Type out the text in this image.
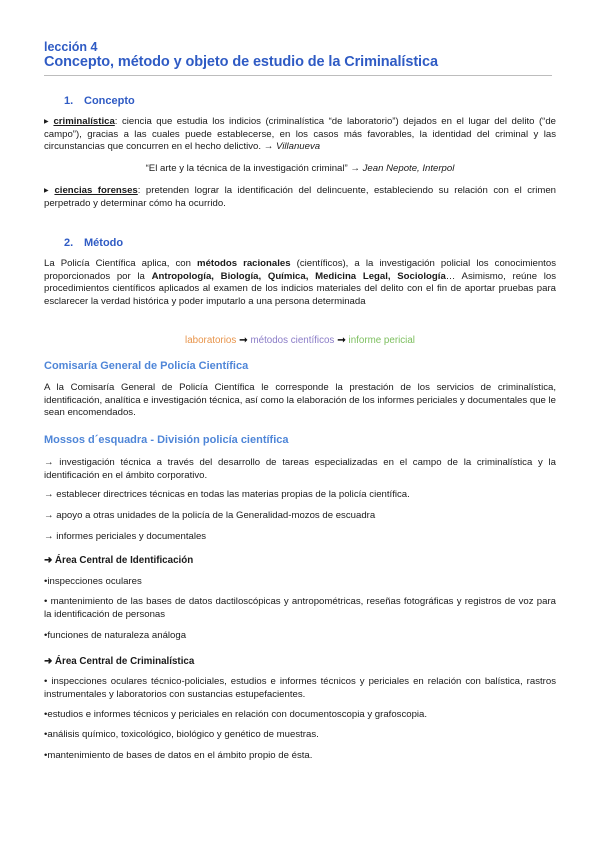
lección 4
Concepto, método y objeto de estudio de la Criminalística
1. Concepto
▶ criminalística: ciencia que estudia los indicios (criminalística “de laboratorio”) dejados en el lugar del delito (“de campo”), gracias a las cuales puede establecerse, en los casos más favorables, la identidad del criminal y las circunstancias que concurren en el hecho delictivo. → Villanueva
“El arte y la técnica de la investigación criminal” → Jean Nepote, Interpol
▶ ciencias forenses: pretenden lograr la identificación del delincuente, estableciendo su relación con el crimen perpetrado y determinar cómo ha ocurrido.
2. Método
La Policía Científica aplica, con métodos racionales (científicos), a la investigación policial los conocimientos proporcionados por la Antropología, Biología, Química, Medicina Legal, Sociología… Asimismo, reúne los procedimientos científicos aplicados al examen de los indicios materiales del delito con el fin de aportar pruebas para esclarecer la verdad histórica y poder imputarlo a una persona determinada
laboratorios ➞ métodos científicos ➞ informe pericial
Comisaría General de Policía Científica
A la Comisaría General de Policía Científica le corresponde la prestación de los servicios de criminalística, identificación, analítica e investigación técnica, así como la elaboración de los informes periciales y documentales que le sean encomendados.
Mossos d´esquadra - División policía científica
→ investigación técnica a través del desarrollo de tareas especializadas en el campo de la criminalística y la identificación en el ámbito corporativo.
→ establecer directrices técnicas en todas las materias propias de la policía científica.
→ apoyo a otras unidades de la policía de la Generalidad-mozos de escuadra
→ informes periciales y documentales
➜ Área Central de Identificación
•inspecciones oculares
• mantenimiento de las bases de datos dactiloscópicas y antropométricas, reseñas fotográficas y registros de voz para la identificación de personas
•funciones de naturaleza análoga
➜ Área Central de Criminalística
• inspecciones oculares técnico-policiales, estudios e informes técnicos y periciales en relación con balística, rastros instrumentales y laboratorios con sustancias estupefacientes.
•estudios e informes técnicos y periciales en relación con documentoscopia y grafoscopia.
•análisis químico, toxicológico, biológico y genético de muestras.
•mantenimiento de bases de datos en el ámbito propio de ésta.
